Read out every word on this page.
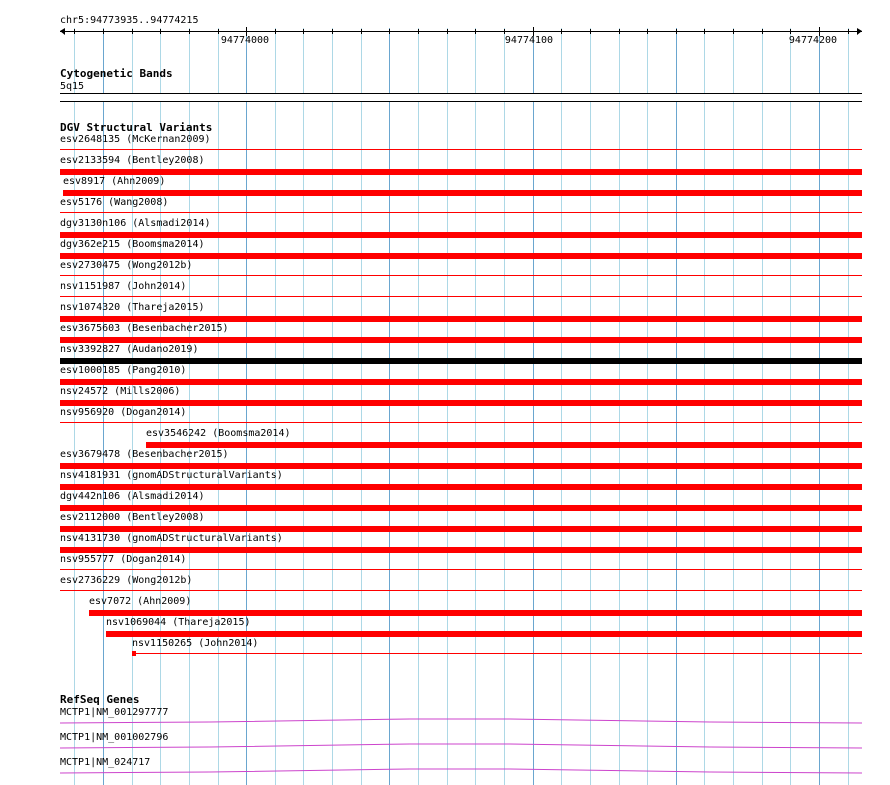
chr5:94773935..94774215
94774000	94774100	94774200
Cytogenetic Bands
5q15
DGV Structural Variants
esv2648135 (McKernan2009)
esv2133594 (Bentley2008)
esv8917 (Ahn2009)
esv5176 (Wang2008)
dgv3130n106 (Alsmadi2014)
dgv362e215 (Boomsma2014)
esv2730475 (Wong2012b)
nsv1151987 (John2014)
nsv1074320 (Thareja2015)
esv3675603 (Besenbacher2015)
nsv3392827 (Audano2019)
esv1000185 (Pang2010)
nsv24572 (Mills2006)
nsv956920 (Dogan2014)
esv3546242 (Boomsma2014)
esv3679478 (Besenbacher2015)
nsv4181931 (gnomADStructuralVariants)
dgv442n106 (Alsmadi2014)
esv2112000 (Bentley2008)
nsv4131730 (gnomADStructuralVariants)
nsv955777 (Dogan2014)
esv2736229 (Wong2012b)
esv7072 (Ahn2009)
nsv1069044 (Thareja2015)
nsv1150265 (John2014)
RefSeq Genes
MCTP1|NM_001297777
MCTP1|NM_001002796
MCTP1|NM_024717
